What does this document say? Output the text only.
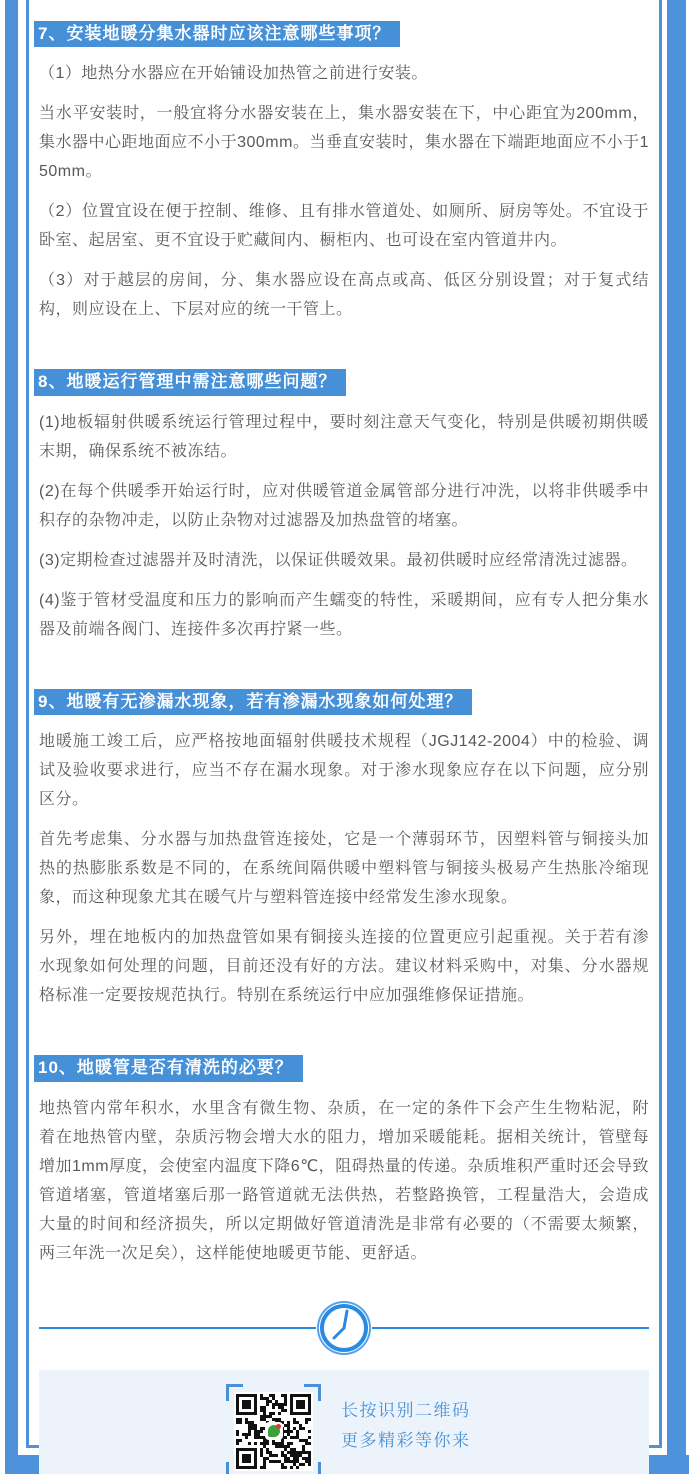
7、安装地暖分集水器时应该注意哪些事项？

（1）地热分水器应在开始铺设加热管之前进行安装。

当水平安装时，一般宜将分水器安装在上，集水器安装在下，中心距宜为200mm，集水器中心距地面应不小于300mm。当垂直安装时，集水器在下端距地面应不小于150mm。

（2）位置宜设在便于控制、维修、且有排水管道处、如厕所、厨房等处。不宜设于卧室、起居室、更不宜设于贮藏间内、橱柜内、也可设在室内管道井内。

（3）对于越层的房间，分、集水器应设在高点或高、低区分别设置；对于复式结构，则应设在上、下层对应的统一干管上。

8、地暖运行管理中需注意哪些问题？

(1)地板辐射供暖系统运行管理过程中，要时刻注意天气变化，特别是供暖初期供暖末期，确保系统不被冻结。

(2)在每个供暖季开始运行时，应对供暖管道金属管部分进行冲洗，以将非供暖季中积存的杂物冲走，以防止杂物对过滤器及加热盘管的堵塞。

(3)定期检查过滤器并及时清洗，以保证供暖效果。最初供暖时应经常清洗过滤器。

(4)鉴于管材受温度和压力的影响而产生蠕变的特性，采暖期间，应有专人把分集水器及前端各阀门、连接件多次再拧紧一些。

9、地暖有无渗漏水现象，若有渗漏水现象如何处理？

地暖施工竣工后，应严格按地面辐射供暖技术规程（JGJ142-2004）中的检验、调试及验收要求进行，应当不存在漏水现象。对于渗水现象应存在以下问题，应分别区分。

首先考虑集、分水器与加热盘管连接处，它是一个薄弱环节，因塑料管与铜接头加热的热膨胀系数是不同的，在系统间隔供暖中塑料管与铜接头极易产生热胀冷缩现象，而这种现象尤其在暖气片与塑料管连接中经常发生渗水现象。

另外，埋在地板内的加热盘管如果有铜接头连接的位置更应引起重视。关于若有渗水现象如何处理的问题，目前还没有好的方法。建议材料采购中，对集、分水器规格标准一定要按规范执行。特别在系统运行中应加强维修保证措施。

10、地暖管是否有清洗的必要？

地热管内常年积水，水里含有微生物、杂质，在一定的条件下会产生生物粘泥，附着在地热管内壁，杂质污物会增大水的阻力，增加采暖能耗。据相关统计，管壁每增加1mm厚度，会使室内温度下降6℃，阻碍热量的传递。杂质堆积严重时还会导致管道堵塞，管道堵塞后那一路管道就无法供热，若整路换管，工程量浩大，会造成大量的时间和经济损失，所以定期做好管道清洗是非常有必要的（不需要太频繁，两三年洗一次足矣），这样能使地暖更节能、更舒适。

长按识别二维码
更多精彩等你来
